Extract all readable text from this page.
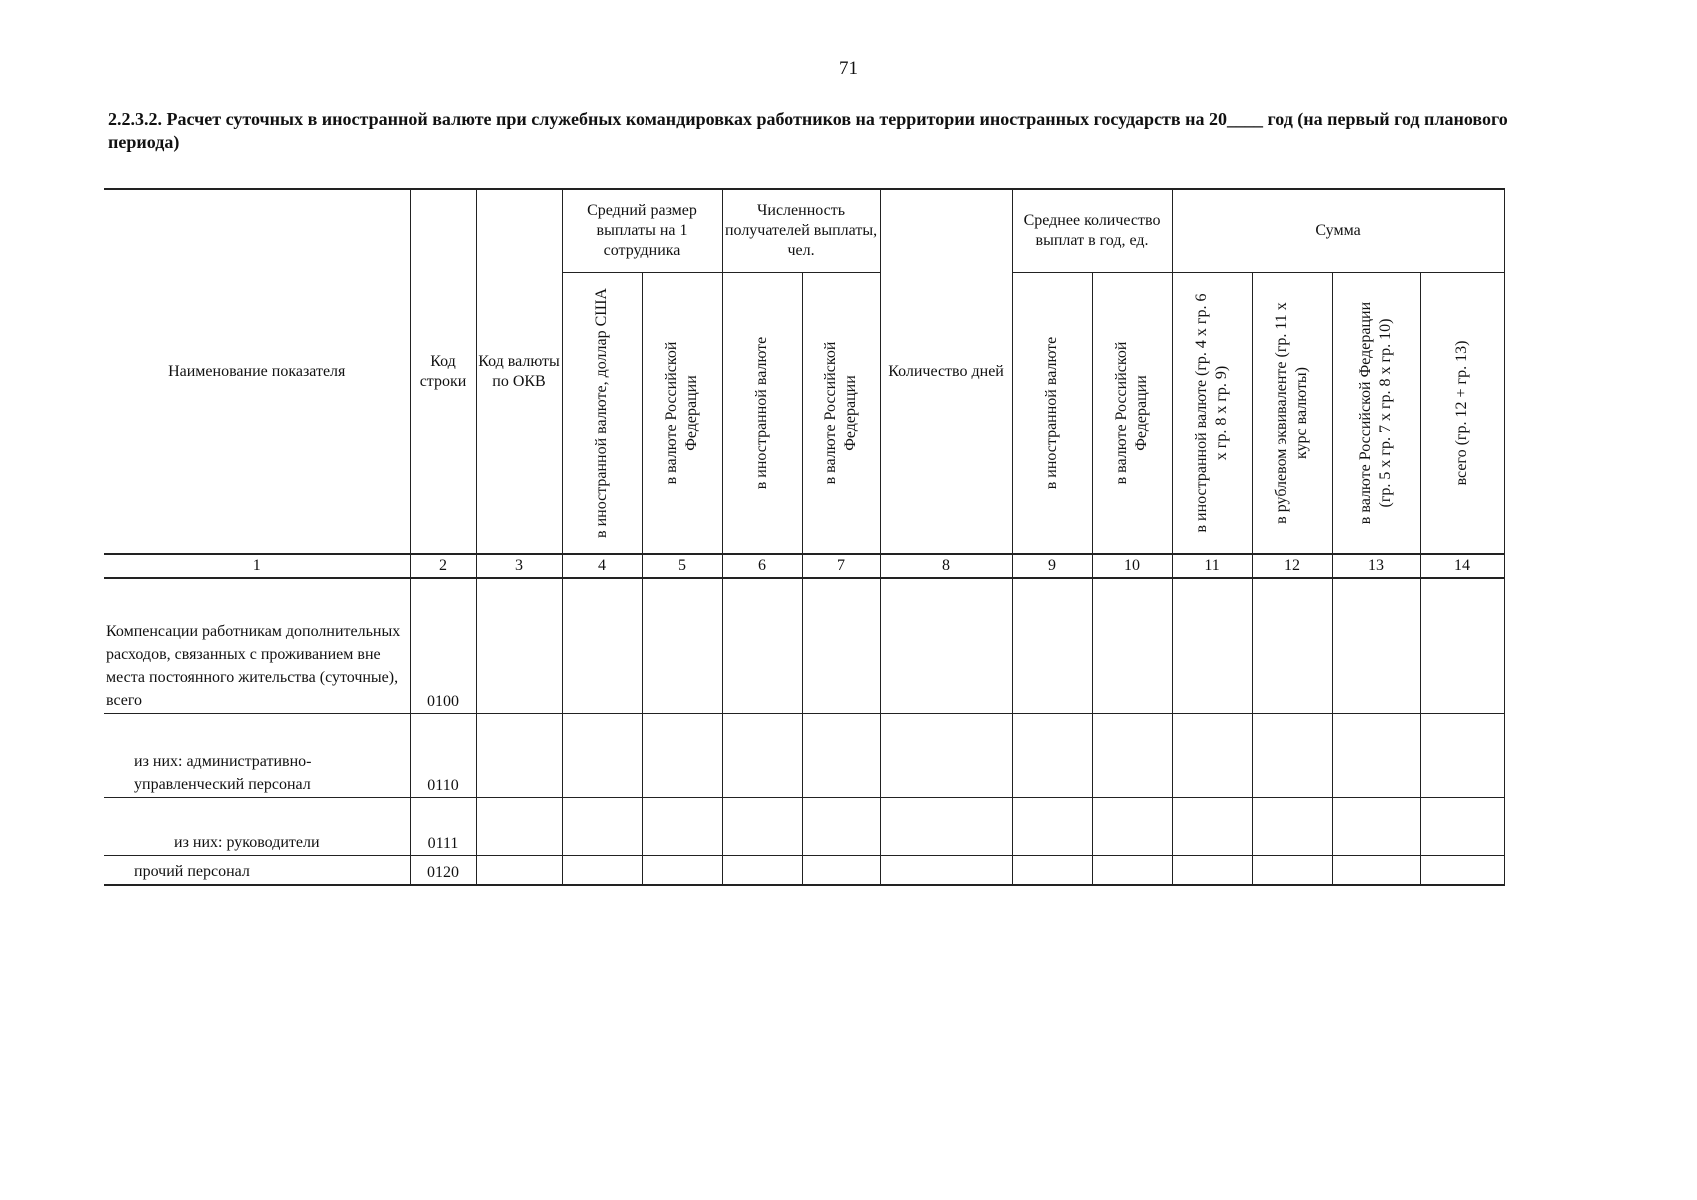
71
2.2.3.2. Расчет суточных в иностранной валюте при служебных командировках работников на территории иностранных государств на 20____ год (на первый год планового периода)
Наименование показателя	Код строки	Код валюты по ОКВ	Средний размер выплаты на 1 сотрудника		Численность получателей выплаты, чел.		Количество дней	Среднее количество выплат в год, ед.		Сумма			

			в иностранной валюте, доллар США	в валюте Российской Федерации	в иностранной валюте	в валюте Российской Федерации		в иностранной валюте	в валюте Российской Федерации	в иностранной валюте (гр. 4 х гр. 6 х гр. 8 х гр. 9)	в рублевом эквиваленте (гр. 11 х курс валюты)	в валюте Российской Федерации (гр. 5 х гр. 7 х гр. 8 х гр. 10)	всего (гр. 12 + гр. 13)

1	2	3	4	5	6	7	8	9	10	11	12	13	14
Компенсации работникам дополнительных расходов, связанных с проживанием вне места постоянного жительства (суточные), всего	0100												
из них: административно-управленческий персонал	0110												
из них: руководители	0111												
прочий персонал	0120												
